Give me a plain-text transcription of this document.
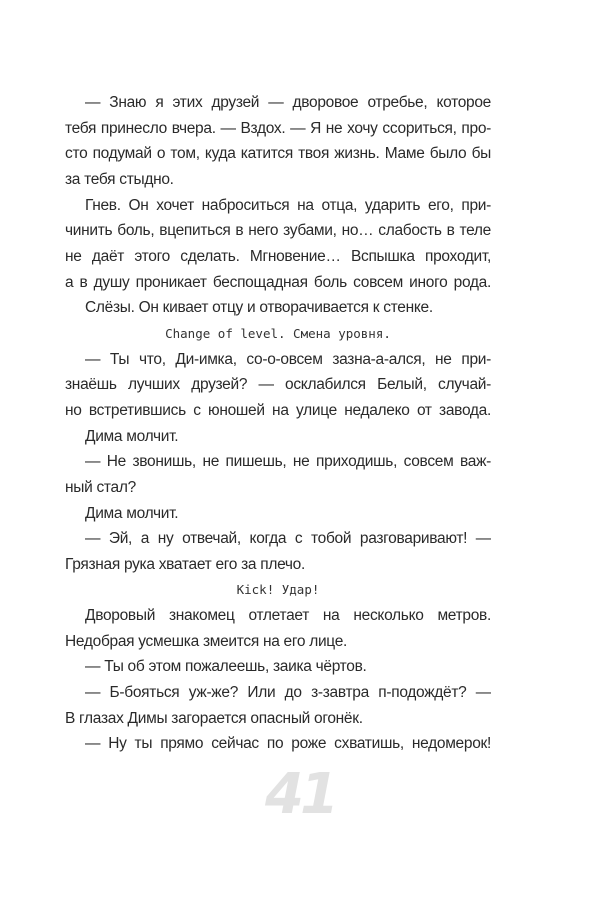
— Знаю я этих друзей — дворовое отребье, которое
тебя принесло вчера. — Вздох. — Я не хочу ссориться, про-
сто подумай о том, куда катится твоя жизнь. Маме было бы
за тебя стыдно.
Гнев. Он хочет наброситься на отца, ударить его, при-
чинить боль, вцепиться в него зубами, но… слабость в теле
не даёт этого сделать. Мгновение… Вспышка проходит,
а в душу проникает беспощадная боль совсем иного рода.
Слёзы. Он кивает отцу и отворачивается к стенке.
Change of level. Смена уровня.
— Ты что, Ди-имка, со-о-овсем зазна-а-ался, не при-
знаёшь лучших друзей? — осклабился Белый, случай-
но встретившись с юношей на улице недалеко от завода.
Дима молчит.
— Не звонишь, не пишешь, не приходишь, совсем важ-
ный стал?
Дима молчит.
— Эй, а ну отвечай, когда с тобой разговаривают! —
Грязная рука хватает его за плечо.
Kick! Удар!
Дворовый знакомец отлетает на несколько метров.
Недобрая усмешка змеится на его лице.
— Ты об этом пожалеешь, заика чёртов.
— Б-бояться уж-же? Или до з-завтра п-подождёт? —
В глазах Димы загорается опасный огонёк.
— Ну ты прямо сейчас по роже схватишь, недомерок!
41
